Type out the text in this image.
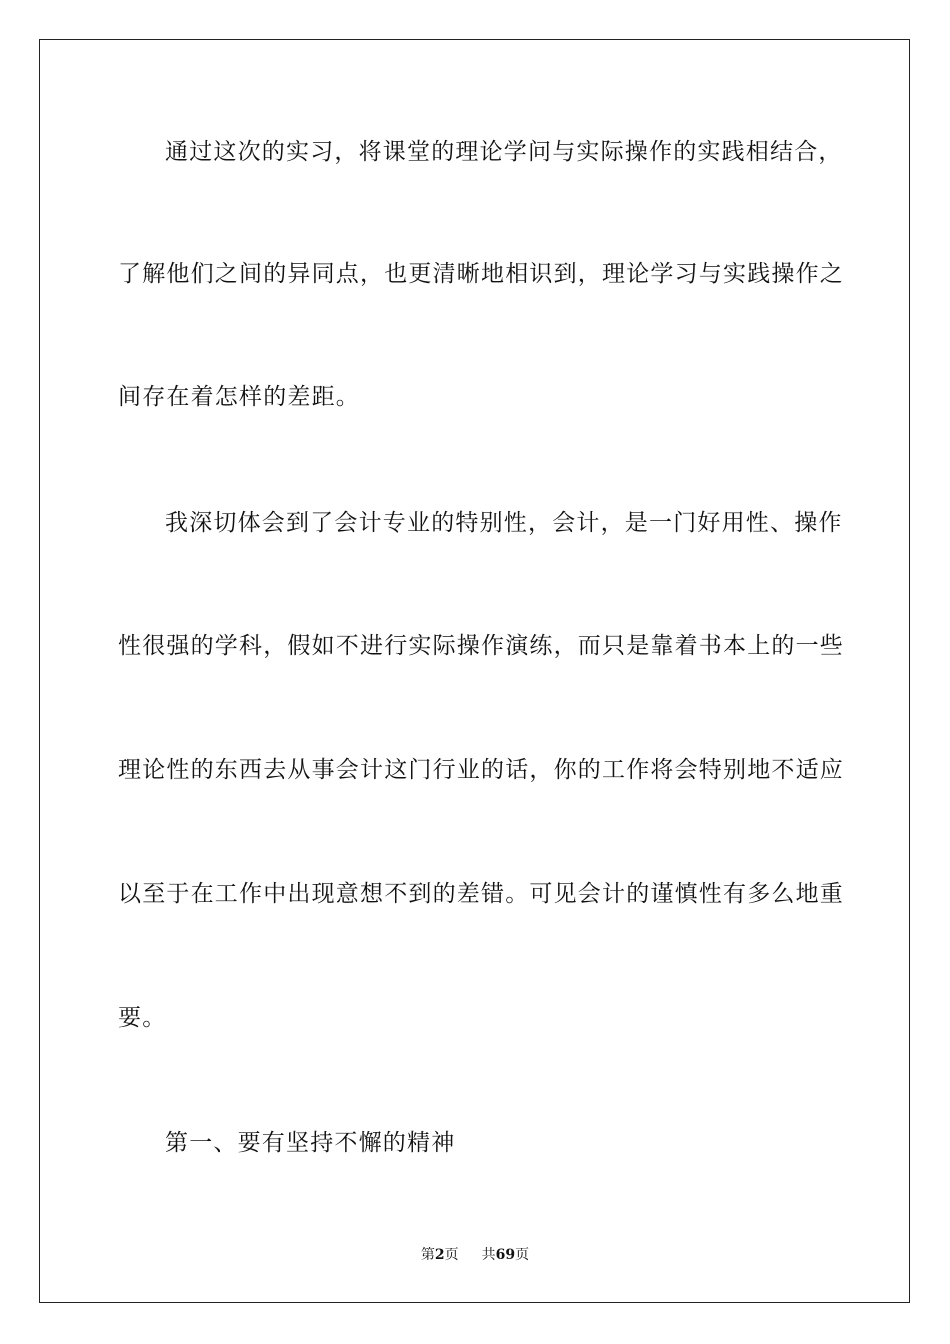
通过这次的实习，将课堂的理论学问与实际操作的实践相结合，
了解他们之间的异同点，也更清晰地相识到，理论学习与实践操作之
间存在着怎样的差距。
我深切体会到了会计专业的特别性，会计，是一门好用性、操作
性很强的学科，假如不进行实际操作演练，而只是靠着书本上的一些
理论性的东西去从事会计这门行业的话，你的工作将会特别地不适应
以至于在工作中出现意想不到的差错。可见会计的谨慎性有多么地重
要。
第一、要有坚持不懈的精神
第2页 共69页
